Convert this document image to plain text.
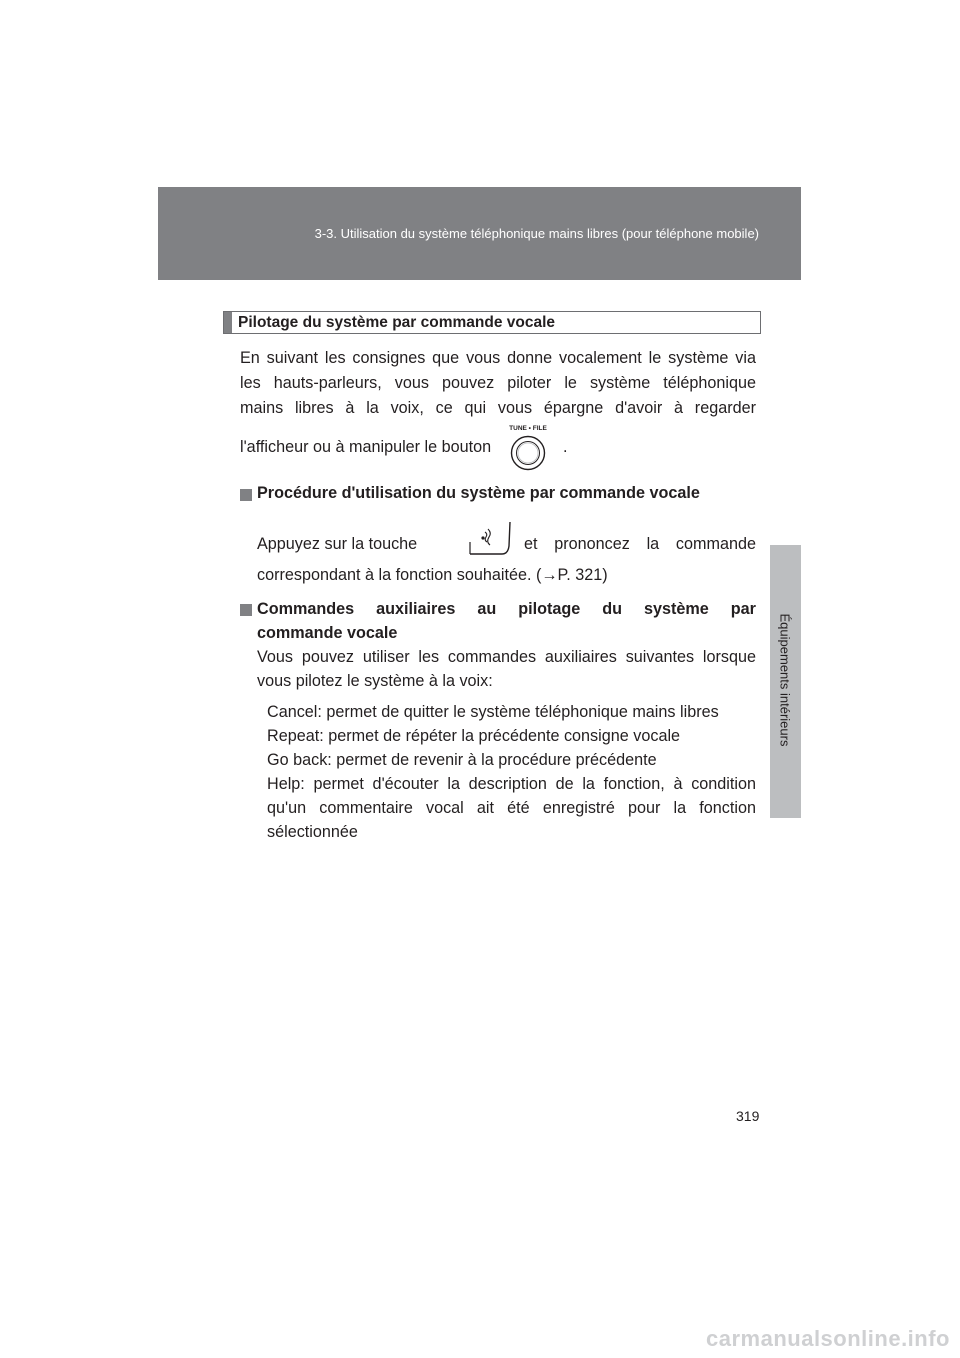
3-3. Utilisation du système téléphonique mains libres (pour téléphone mobile)
3
Équipements intérieurs
Pilotage du système par commande vocale
En suivant les consignes que vous donne vocalement le système via
les hauts-parleurs, vous pouvez piloter le système téléphonique
mains libres à la voix, ce qui vous épargne d'avoir à regarder
l'afficheur ou à manipuler le bouton	.
TUNE • FILE
Procédure d'utilisation du système par commande vocale
Appuyez sur la touche	et prononcez la commande
correspondant à la fonction souhaitée. (→P. 321)
Commandes auxiliaires au pilotage du système par
commande vocale
Vous pouvez utiliser les commandes auxiliaires suivantes lorsque
vous pilotez le système à la voix:
Cancel: permet de quitter le système téléphonique mains libres
Repeat: permet de répéter la précédente consigne vocale
Go back: permet de revenir à la procédure précédente
Help: permet d'écouter la description de la fonction, à condition
qu'un commentaire vocal ait été enregistré pour la fonction
sélectionnée
319
carmanualsonline.info
